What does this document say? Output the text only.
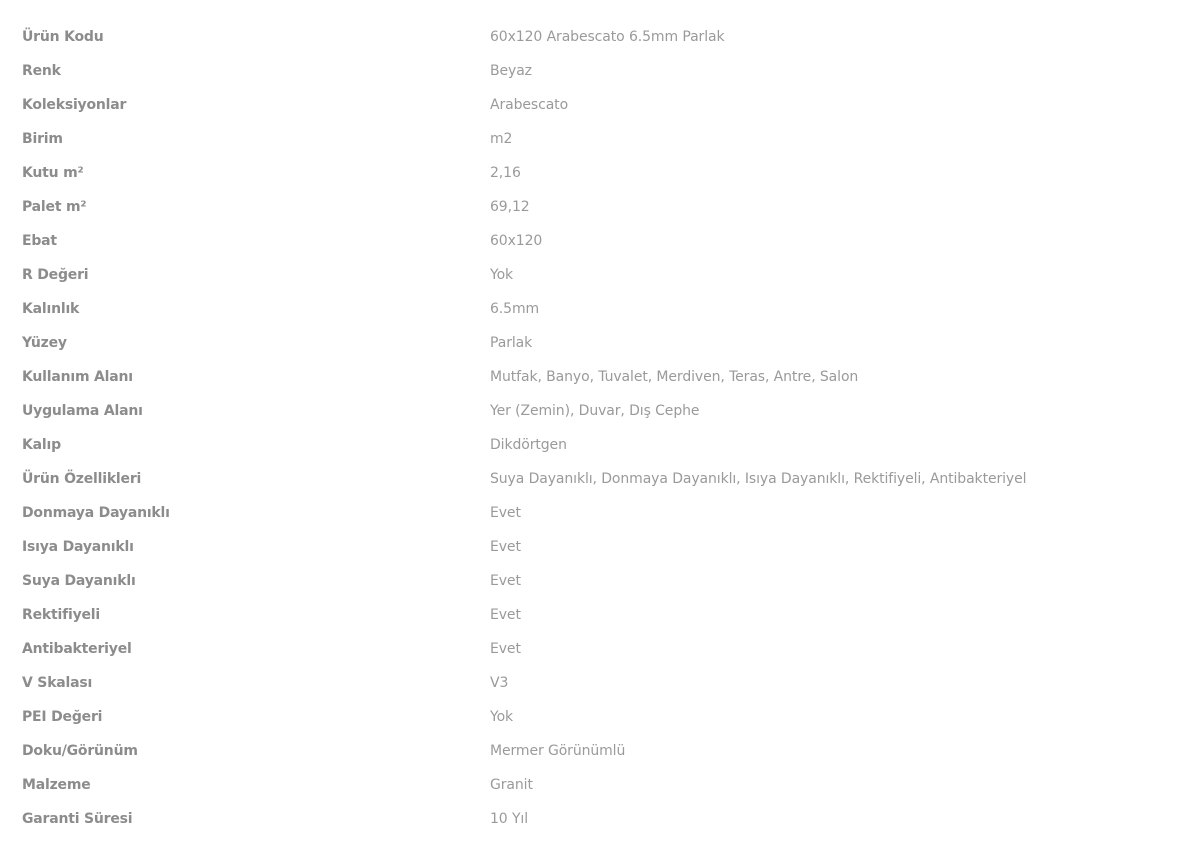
Ürün Kodu	60x120 Arabescato 6.5mm Parlak
Renk	Beyaz
Koleksiyonlar	Arabescato
Birim	m2
Kutu m²	2,16
Palet m²	69,12
Ebat	60x120
R Değeri	Yok
Kalınlık	6.5mm
Yüzey	Parlak
Kullanım Alanı	Mutfak, Banyo, Tuvalet, Merdiven, Teras, Antre, Salon
Uygulama Alanı	Yer (Zemin), Duvar, Dış Cephe
Kalıp	Dikdörtgen
Ürün Özellikleri	Suya Dayanıklı, Donmaya Dayanıklı, Isıya Dayanıklı, Rektifiyeli, Antibakteriyel
Donmaya Dayanıklı	Evet
Isıya Dayanıklı	Evet
Suya Dayanıklı	Evet
Rektifiyeli	Evet
Antibakteriyel	Evet
V Skalası	V3
PEI Değeri	Yok
Doku/Görünüm	Mermer Görünümlü
Malzeme	Granit
Garanti Süresi	10 Yıl
